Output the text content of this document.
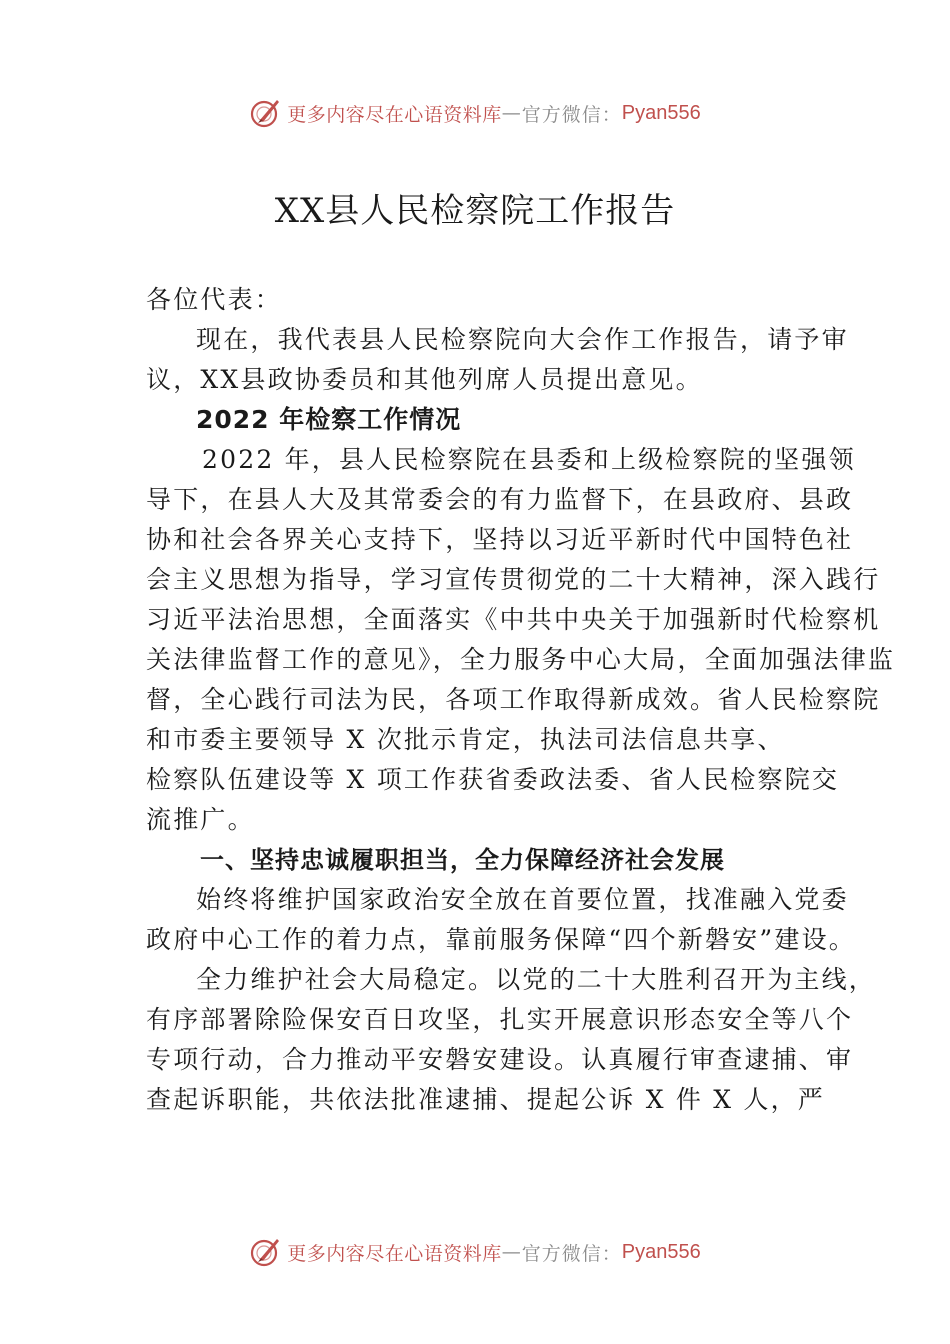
更多内容尽在心语资料库 — 官方微信： Pyan556
XX县人民检察院工作报告
各位代表：
现在，我代表县人民检察院向大会作工作报告，请予审
议，XX县政协委员和其他列席人员提出意见。
2022 年检察工作情况
2022 年，县人民检察院在县委和上级检察院的坚强领
导下，在县人大及其常委会的有力监督下，在县政府、县政
协和社会各界关心支持下，坚持以习近平新时代中国特色社
会主义思想为指导，学习宣传贯彻党的二十大精神，深入践行
习近平法治思想，全面落实《中共中央关于加强新时代检察机
关法律监督工作的意见》，全力服务中心大局，全面加强法律监
督，全心践行司法为民，各项工作取得新成效。省人民检察院
和市委主要领导 X 次批示肯定，执法司法信息共享、
检察队伍建设等 X 项工作获省委政法委、省人民检察院交
流推广。
一、坚持忠诚履职担当，全力保障经济社会发展
始终将维护国家政治安全放在首要位置，找准融入党委
政府中心工作的着力点，靠前服务保障“四个新磐安”建设。
全力维护社会大局稳定。以党的二十大胜利召开为主线，
有序部署除险保安百日攻坚，扎实开展意识形态安全等八个
专项行动，合力推动平安磐安建设。认真履行审查逮捕、审
查起诉职能，共依法批准逮捕、提起公诉 X 件 X 人，严
更多内容尽在心语资料库 — 官方微信： Pyan556
